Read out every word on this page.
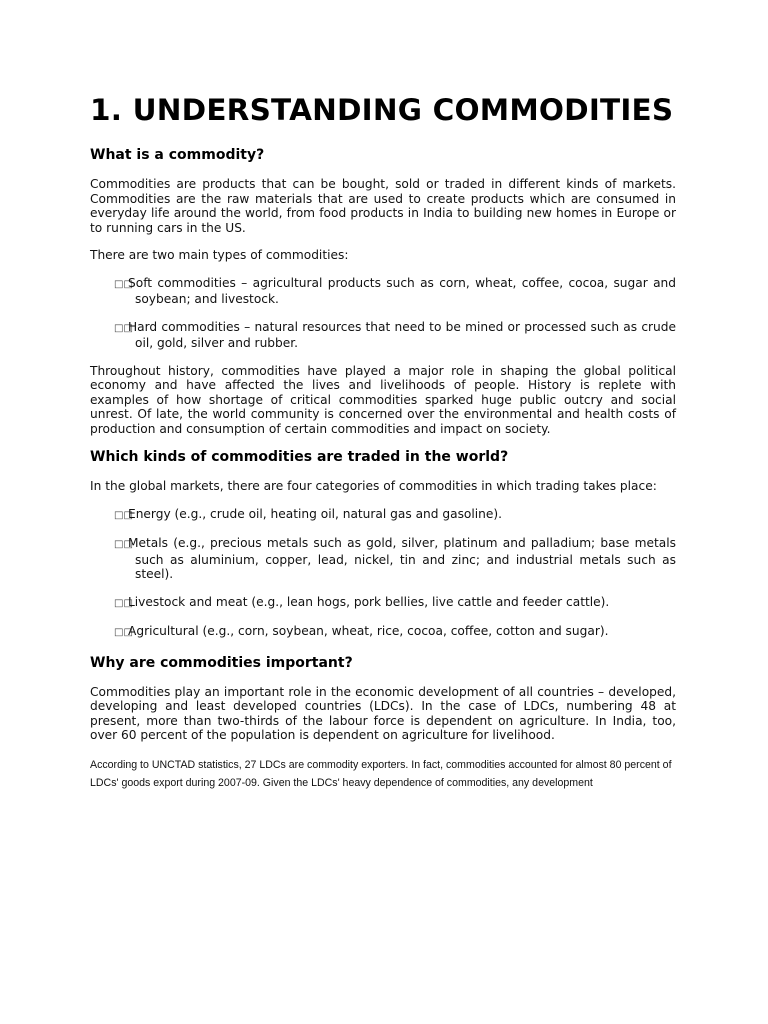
1. UNDERSTANDING COMMODITIES
What is a commodity?

Commodities are products that can be bought, sold or traded in different kinds of markets. Commodities are the raw materials that are used to create products which are consumed in everyday life around the world, from food products in India to building new homes in Europe or to running cars in the US.

There are two main types of commodities:

□□Soft commodities – agricultural products such as corn, wheat, coffee, cocoa, sugar and soybean; and livestock.
□□Hard commodities – natural resources that need to be mined or processed such as crude oil, gold, silver and rubber.

Throughout history, commodities have played a major role in shaping the global political economy and have affected the lives and livelihoods of people. History is replete with examples of how shortage of critical commodities sparked huge public outcry and social unrest. Of late, the world community is concerned over the environmental and health costs of production and consumption of certain commodities and impact on society.

Which kinds of commodities are traded in the world?

In the global markets, there are four categories of commodities in which trading takes place:

□□Energy (e.g., crude oil, heating oil, natural gas and gasoline).
□□Metals (e.g., precious metals such as gold, silver, platinum and palladium; base metals such as aluminium, copper, lead, nickel, tin and zinc; and industrial metals such as steel).
□□Livestock and meat (e.g., lean hogs, pork bellies, live cattle and feeder cattle).
□□Agricultural (e.g., corn, soybean, wheat, rice, cocoa, coffee, cotton and sugar).
Why are commodities important?

Commodities play an important role in the economic development of all countries – developed, developing and least developed countries (LDCs). In the case of LDCs, numbering 48 at present, more than two-thirds of the labour force is dependent on agriculture. In India, too, over 60 percent of the population is dependent on agriculture for livelihood.

According to UNCTAD statistics, 27 LDCs are commodity exporters. In fact, commodities accounted for almost 80 percent of LDCs' goods export during 2007-09. Given the LDCs' heavy dependence of commodities, any development
